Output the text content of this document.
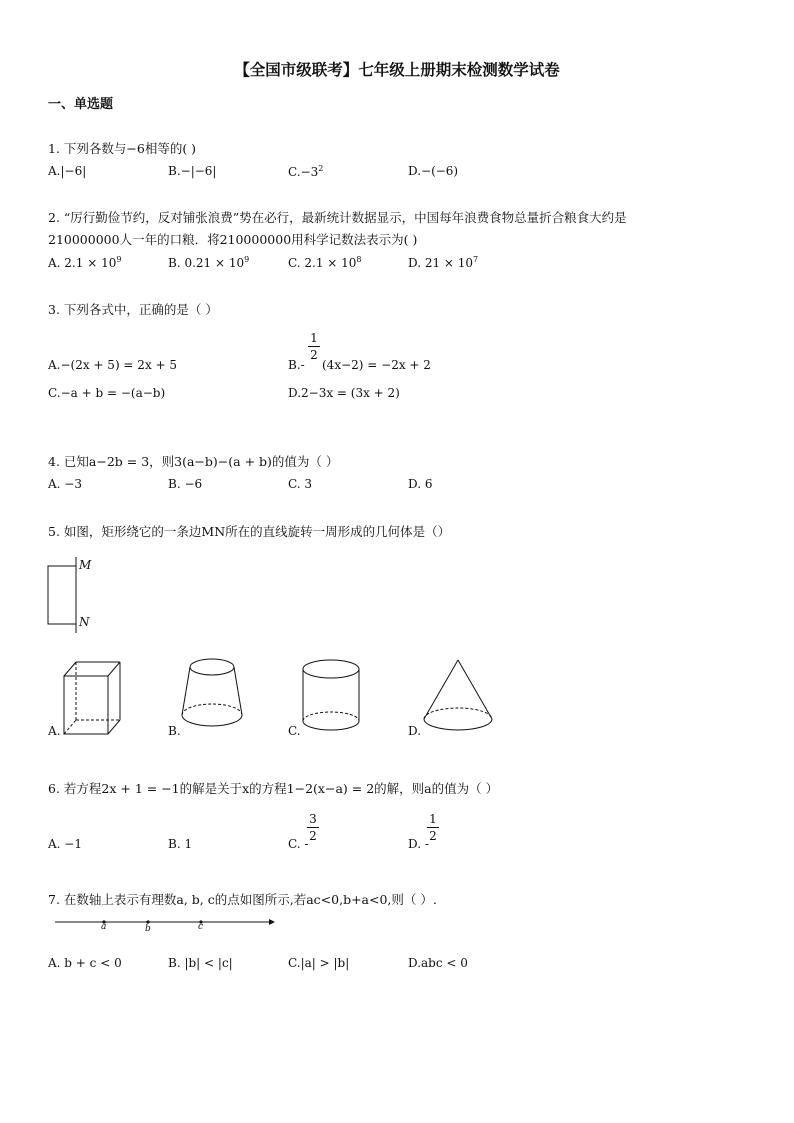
【全国市级联考】七年级上册期末检测数学试卷
一、单选题
1. 下列各数与−6相等的( )
A.|−6|	B.−|−6|	$C.-3^2$	D.−(−6)
2. “厉行勤俭节约，反对铺张浪费”势在必行，最新统计数据显示，中国每年浪费食物总量折合粮食大约是
210000000人一年的口粮．将210000000用科学记数法表示为( )
A. $2.1 \times 10^9$	B. $0.21 \times 10^9$	C. $2.1 \times 10^8$	D. $21 \times 10^7$
3. 下列各式中，正确的是（ ）
A.−(2x + 5) = 2x + 5	B.-
1
2
(4x−2) = −2x + 2
C.−a + b = −(a−b)	D.2−3x = (3x + 2)
4. 已知a−2b = 3，则3(a−b)−(a + b)的值为（ ）
A. −3	B. −6	C. 3	D. 6
5. 如图，矩形绕它的一条边MN所在的直线旋转一周形成的几何体是（）
M
N
A.	B.	C.	D.
6. 若方程2x + 1 = −1的解是关于x的方程1−2(x−a) = 2的解，则a的值为（ ）
A. −1	B. 1	C. -
3
2
D. -
1
2
7. 在数轴上表示有理数a, b, c的点如图所示,若ac<0,b+a<0,则（ ）.
a	b	c
A. b + c < 0	B. |b| < |c|	C.|a| > |b|	D.abc < 0
